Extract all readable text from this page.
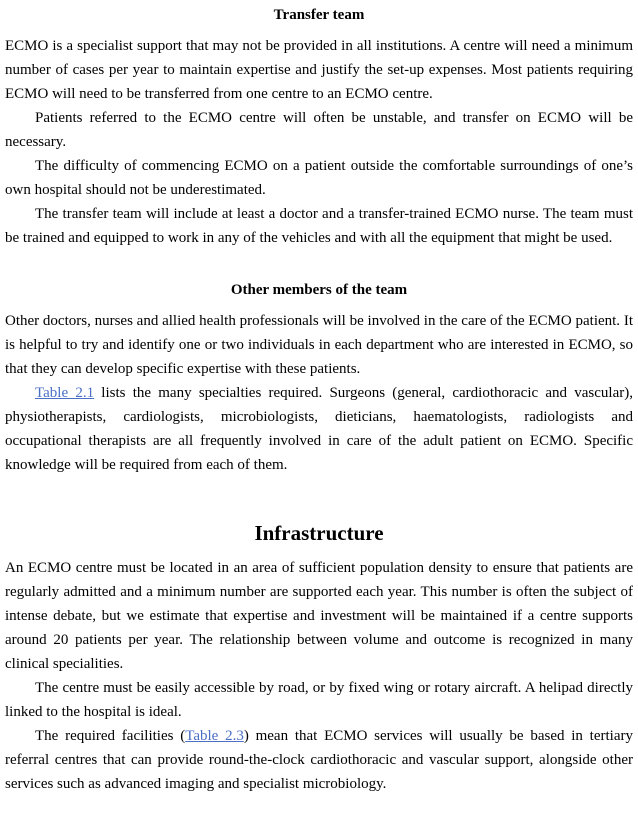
Transfer team

ECMO is a specialist support that may not be provided in all institutions. A centre will need a minimum number of cases per year to maintain expertise and justify the set-up expenses. Most patients requiring ECMO will need to be transferred from one centre to an ECMO centre.

Patients referred to the ECMO centre will often be unstable, and transfer on ECMO will be necessary.

The difficulty of commencing ECMO on a patient outside the comfortable surroundings of one’s own hospital should not be underestimated.

The transfer team will include at least a doctor and a transfer-trained ECMO nurse. The team must be trained and equipped to work in any of the vehicles and with all the equipment that might be used.

Other members of the team

Other doctors, nurses and allied health professionals will be involved in the care of the ECMO patient. It is helpful to try and identify one or two individuals in each department who are interested in ECMO, so that they can develop specific expertise with these patients.

Table 2.1 lists the many specialties required. Surgeons (general, cardiothoracic and vascular), physiotherapists, cardiologists, microbiologists, dieticians, haematologists, radiologists and occupational therapists are all frequently involved in care of the adult patient on ECMO. Specific knowledge will be required from each of them.

Infrastructure

An ECMO centre must be located in an area of sufficient population density to ensure that patients are regularly admitted and a minimum number are supported each year. This number is often the subject of intense debate, but we estimate that expertise and investment will be maintained if a centre supports around 20 patients per year. The relationship between volume and outcome is recognized in many clinical specialities.

The centre must be easily accessible by road, or by fixed wing or rotary aircraft. A helipad directly linked to the hospital is ideal.

The required facilities (Table 2.3) mean that ECMO services will usually be based in tertiary referral centres that can provide round-the-clock cardiothoracic and vascular support, alongside other services such as advanced imaging and specialist microbiology.
